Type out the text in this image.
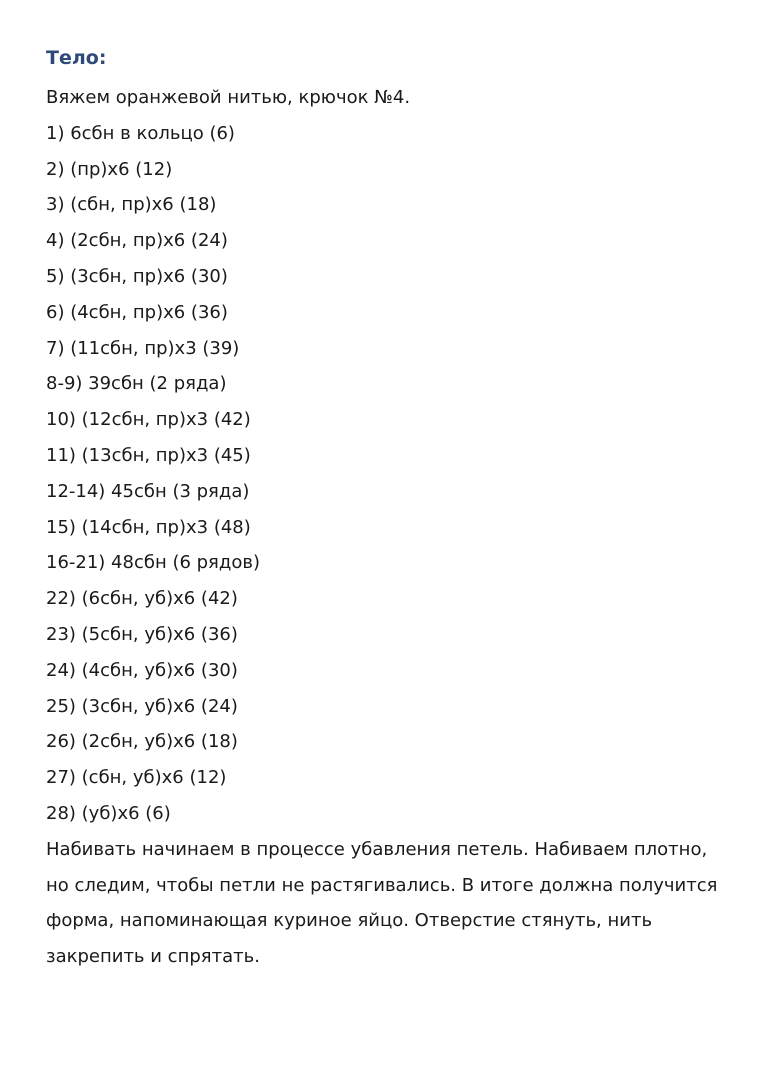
Тело:

Вяжем оранжевой нитью, крючок №4.

1) 6сбн в кольцо (6)
2) (пр)х6 (12)
3) (сбн, пр)х6 (18)
4) (2сбн, пр)х6 (24)
5) (3сбн, пр)х6 (30)
6) (4сбн, пр)х6 (36)
7) (11сбн, пр)х3 (39)
8-9) 39сбн (2 ряда)
10) (12сбн, пр)х3 (42)
11) (13сбн, пр)х3 (45)
12-14) 45сбн (3 ряда)
15) (14сбн, пр)х3 (48)
16-21) 48сбн (6 рядов)
22) (6сбн, уб)х6 (42)
23) (5сбн, уб)х6 (36)
24) (4сбн, уб)х6 (30)
25) (3сбн, уб)х6 (24)
26) (2сбн, уб)х6 (18)
27) (сбн, уб)х6 (12)
28) (уб)х6 (6)

Набивать начинаем в процессе убавления петель. Набиваем плотно,

но следим, чтобы петли не растягивались. В итоге должна получится

форма, напоминающая куриное яйцо. Отверстие стянуть, нить

закрепить и спрятать.
